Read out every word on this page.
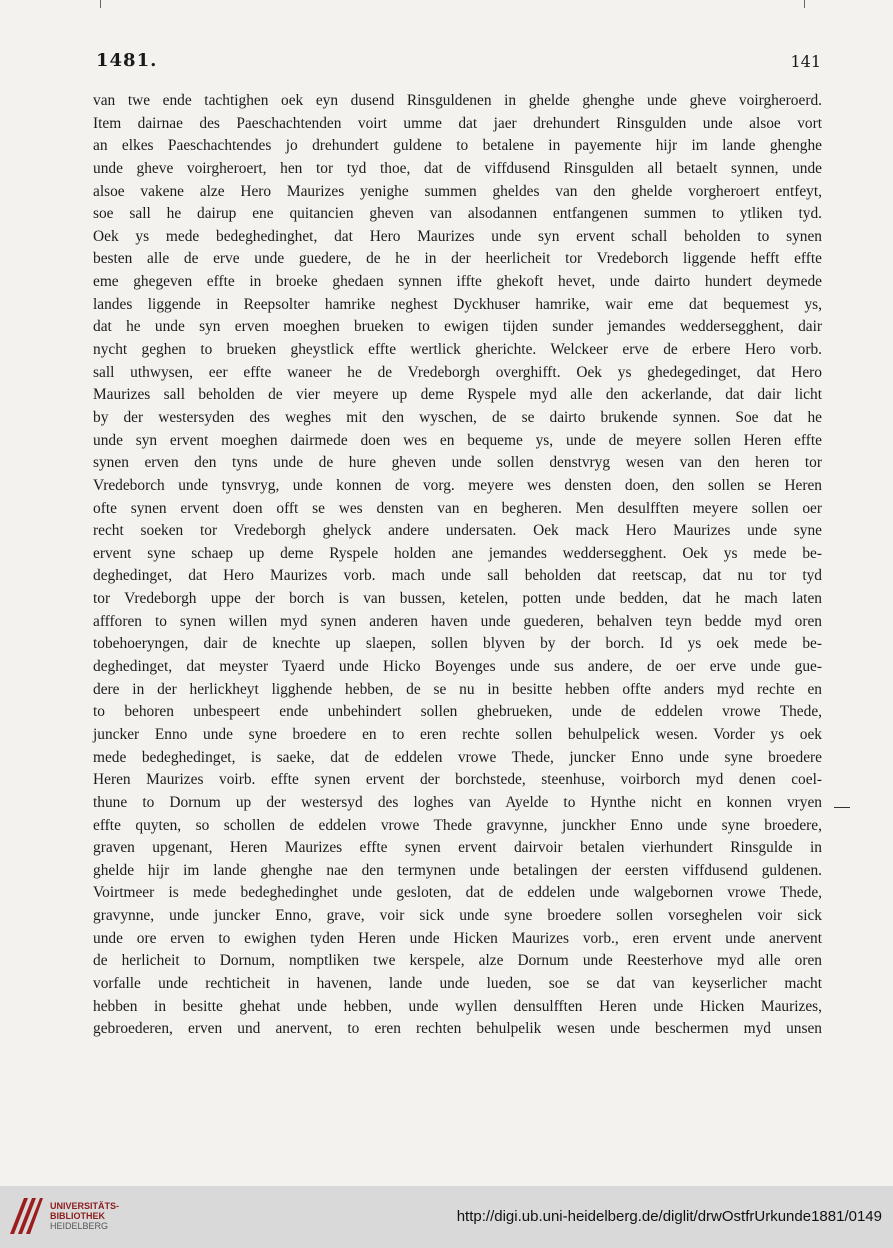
1481.	141
van twe ende tachtighen oek eyn dusend Rinsguldenen in ghelde ghenghe unde gheve voirgheroerd.
Item dairnae des Paeschachtenden voirt umme dat jaer drehundert Rinsgulden unde alsoe vort
an elkes Paeschachtendes jo drehundert guldene to betalene in payemente hijr im lande ghenghe
unde gheve voirgheroert, hen tor tyd thoe, dat de viffdusend Rinsgulden all betaelt synnen, unde
alsoe vakene alze Hero Maurizes yenighe summen gheldes van den ghelde vorgheroert entfeyt,
soe sall he dairup ene quitancien gheven van alsodannen entfangenen summen to ytliken tyd.
Oek ys mede bedeghedinghet, dat Hero Maurizes unde syn ervent schall beholden to synen
besten alle de erve unde guedere, de he in der heerlicheit tor Vredeborch liggende hefft effte
eme ghegeven effte in broeke ghedaen synnen iffte ghekoft hevet, unde dairto hundert deymede
landes liggende in Reepsolter hamrike neghest Dyckhuser hamrike, wair eme dat bequemest ys,
dat he unde syn erven moeghen brueken to ewigen tijden sunder jemandes weddersegghent, dair
nycht geghen to brueken gheystlick effte wertlick gherichte. Welckeer erve de erbere Hero vorb.
sall uthwysen, eer effte waneer he de Vredeborgh overghifft. Oek ys ghedegedinget, dat Hero
Maurizes sall beholden de vier meyere up deme Ryspele myd alle den ackerlande, dat dair licht
by der westersyden des weghes mit den wyschen, de se dairto brukende synnen. Soe dat he
unde syn ervent moeghen dairmede doen wes en bequeme ys, unde de meyere sollen Heren effte
synen erven den tyns unde de hure gheven unde sollen denstvryg wesen van den heren tor
Vredeborch unde tynsvryg, unde konnen de vorg. meyere wes densten doen, den sollen se Heren
ofte synen ervent doen offt se wes densten van en begheren. Men desulfften meyere sollen oer
recht soeken tor Vredeborgh ghelyck andere undersaten. Oek mack Hero Maurizes unde syne
ervent syne schaep up deme Ryspele holden ane jemandes weddersegghent. Oek ys mede be-
deghedinget, dat Hero Maurizes vorb. mach unde sall beholden dat reetscap, dat nu tor tyd
tor Vredeborgh uppe der borch is van bussen, ketelen, potten unde bedden, dat he mach laten
affforen to synen willen myd synen anderen haven unde guederen, behalven teyn bedde myd oren
tobehoeryngen, dair de knechte up slaepen, sollen blyven by der borch. Id ys oek mede be-
deghedinget, dat meyster Tyaerd unde Hicko Boyenges unde sus andere, de oer erve unde gue-
dere in der herlickheyt ligghende hebben, de se nu in besitte hebben offte anders myd rechte en
to behoren unbespeert ende unbehindert sollen ghebrueken, unde de eddelen vrowe Thede,
juncker Enno unde syne broedere en to eren rechte sollen behulpelick wesen. Vorder ys oek
mede bedeghedinget, is saeke, dat de eddelen vrowe Thede, juncker Enno unde syne broedere
Heren Maurizes voirb. effte synen ervent der borchstede, steenhuse, voirborch myd denen coel-
thune to Dornum up der westersyd des loghes van Ayelde to Hynthe nicht en konnen vryen
effte quyten, so schollen de eddelen vrowe Thede gravynne, junckher Enno unde syne broedere,
graven upgenant, Heren Maurizes effte synen ervent dairvoir betalen vierhundert Rinsgulde in
ghelde hijr im lande ghenghe nae den termynen unde betalingen der eersten viffdusend guldenen.
Voirtmeer is mede bedeghedinghet unde gesloten, dat de eddelen unde walgebornen vrowe Thede,
gravynne, unde juncker Enno, grave, voir sick unde syne broedere sollen vorseghelen voir sick
unde ore erven to ewighen tyden Heren unde Hicken Maurizes vorb., eren ervent unde anervent
de herlicheit to Dornum, nomptliken twe kerspele, alze Dornum unde Reesterhove myd alle oren
vorfalle unde rechticheit in havenen, lande unde lueden, soe se dat van keyserlicher macht
hebben in besitte ghehat unde hebben, unde wyllen densulfften Heren unde Hicken Maurizes,
gebroederen, erven und anervent, to eren rechten behulpelik wesen unde beschermen myd unsen
UNIVERSITÄTS-
BIBLIOTHEK
HEIDELBERG
http://digi.ub.uni-heidelberg.de/diglit/drwOstfrUrkunde1881/0149
